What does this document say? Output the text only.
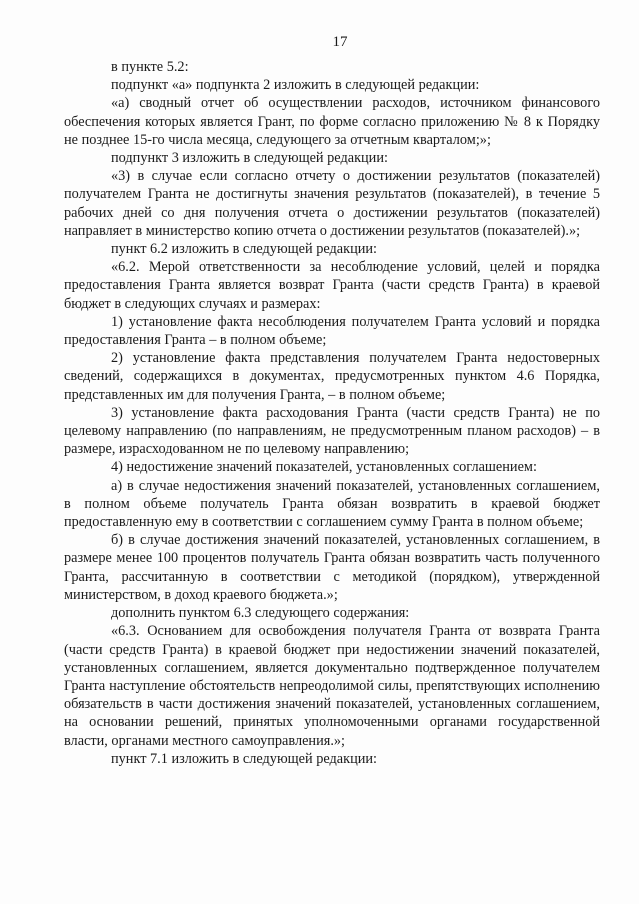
17

в пункте 5.2:

подпункт «а» подпункта 2 изложить в следующей редакции:

«а) сводный отчет об осуществлении расходов, источником финансового обеспечения которых является Грант, по форме согласно приложению № 8 к Порядку не позднее 15-го числа месяца, следующего за отчетным кварталом;»;

подпункт 3 изложить в следующей редакции:

«3) в случае если согласно отчету о достижении результатов (показателей) получателем Гранта не достигнуты значения результатов (показателей), в течение 5 рабочих дней со дня получения отчета о достижении результатов (показателей) направляет в министерство копию отчета о достижении результатов (показателей).»;

пункт 6.2 изложить в следующей редакции:

«6.2. Мерой ответственности за несоблюдение условий, целей и порядка предоставления Гранта является возврат Гранта (части средств Гранта) в краевой бюджет в следующих случаях и размерах:

1) установление факта несоблюдения получателем Гранта условий и порядка предоставления Гранта – в полном объеме;

2) установление факта представления получателем Гранта недостоверных сведений, содержащихся в документах, предусмотренных пунктом 4.6 Порядка, представленных им для получения Гранта, – в полном объеме;

3) установление факта расходования Гранта (части средств Гранта) не по целевому направлению (по направлениям, не предусмотренным планом расходов) – в размере, израсходованном не по целевому направлению;

4) недостижение значений показателей, установленных соглашением:

а) в случае недостижения значений показателей, установленных соглашением, в полном объеме получатель Гранта обязан возвратить в краевой бюджет предоставленную ему в соответствии с соглашением сумму Гранта в полном объеме;

б) в случае достижения значений показателей, установленных соглашением, в размере менее 100 процентов получатель Гранта обязан возвратить часть полученного Гранта, рассчитанную в соответствии с методикой (порядком), утвержденной министерством, в доход краевого бюджета.»;

дополнить пунктом 6.3 следующего содержания:

«6.3. Основанием для освобождения получателя Гранта от возврата Гранта (части средств Гранта) в краевой бюджет при недостижении значений показателей, установленных соглашением, является документально подтвержденное получателем Гранта наступление обстоятельств непреодолимой силы, препятствующих исполнению обязательств в части достижения значений показателей, установленных соглашением, на основании решений, принятых уполномоченными органами государственной власти, органами местного самоуправления.»;

пункт 7.1 изложить в следующей редакции:
